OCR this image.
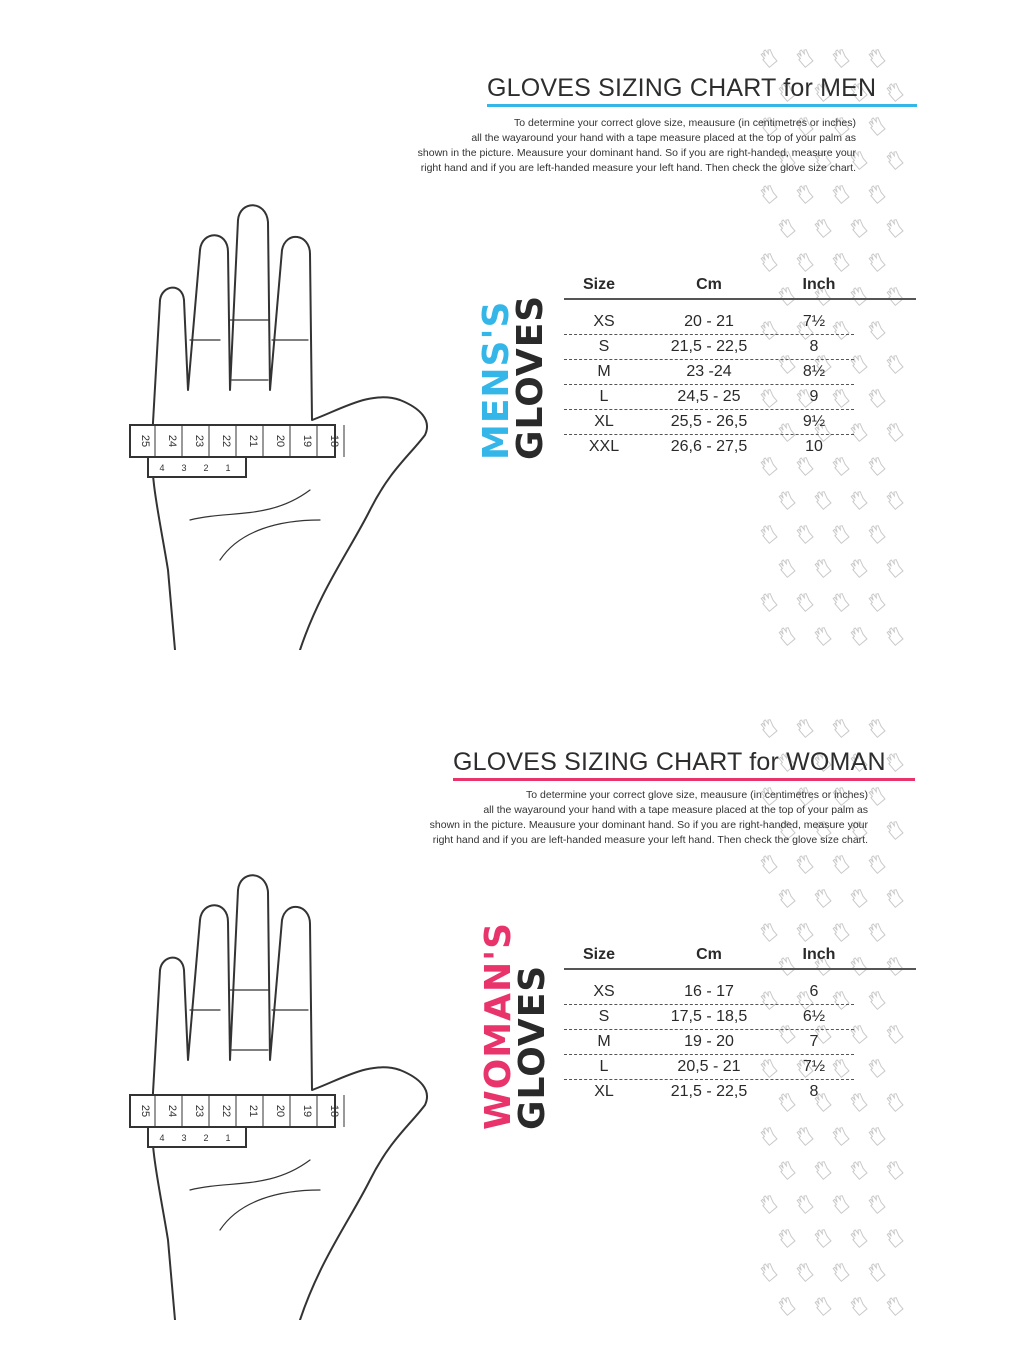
GLOVES SIZING CHART for MEN
To determine your correct glove size, meausure (in centimetres or inches)
all the wayaround your hand with a tape measure placed at the top of your palm as
shown in the picture. Meausure your dominant hand. So if you are right-handed, measure your
right hand and if you are left-handed measure your left hand. Then check the glove size chart.
25 24 23 22 21 20 19 18
4 3 2 1
MENS'S
GLOVES
Size	Cm	Inch
XS	20 - 21	7½
S	21,5 - 22,5	8
M	23 -24	8½
L	24,5 - 25	9
XL	25,5 - 26,5	9½
XXL	26,6 - 27,5	10
GLOVES SIZING CHART for WOMAN
To determine your correct glove size, meausure (in centimetres or inches)
all the wayaround your hand with a tape measure placed at the top of your palm as
shown in the picture. Meausure your dominant hand. So if you are right-handed, measure your
right hand and if you are left-handed measure your left hand. Then check the glove size chart.
25 24 23 22 21 20 19 18
4 3 2 1
WOMAN'S
GLOVES
Size	Cm	Inch
XS	16 - 17	6
S	17,5 - 18,5	6½
M	19 - 20	7
L	20,5 - 21	7½
XL	21,5 - 22,5	8
